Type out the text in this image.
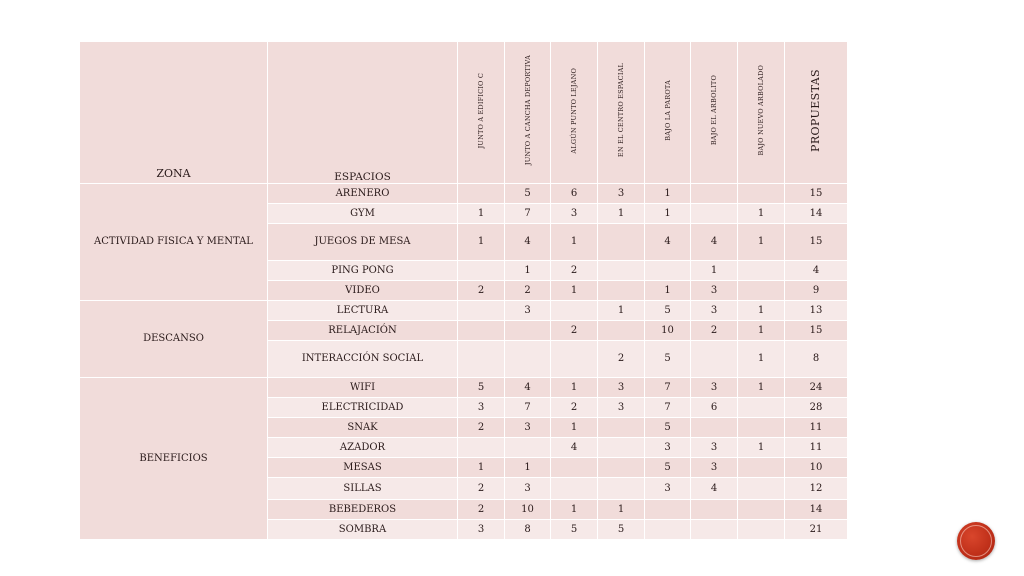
ZONA	ESPACIOS	JUNTO A EDIFICIO C	JUNTO A CANCHA DEPORTIVA	ALGÚN PUNTO LEJANO	EN EL CENTRO ESPACIAL	BAJO LA PAROTA	BAJO EL ARBOLITO	BAJO NUEVO ARBOLADO	PROPUESTAS
ACTIVIDAD FISICA Y MENTAL	ARENERO		5	6	3	1			15
	GYM	1	7	3	1	1		1	14
	JUEGOS DE MESA	1	4	1		4	4	1	15
	PING PONG		1	2			1		4
	VIDEO	2	2	1		1	3		9
DESCANSO	LECTURA		3		1	5	3	1	13
	RELAJACIÓN			2		10	2	1	15
	INTERACCIÓN SOCIAL				2	5		1	8
BENEFICIOS	WIFI	5	4	1	3	7	3	1	24
	ELECTRICIDAD	3	7	2	3	7	6		28
	SNAK	2	3	1		5			11
	AZADOR			4		3	3	1	11
	MESAS	1	1			5	3		10
	SILLAS	2	3			3	4		12
	BEBEDEROS	2	10	1	1				14
	SOMBRA	3	8	5	5				21
